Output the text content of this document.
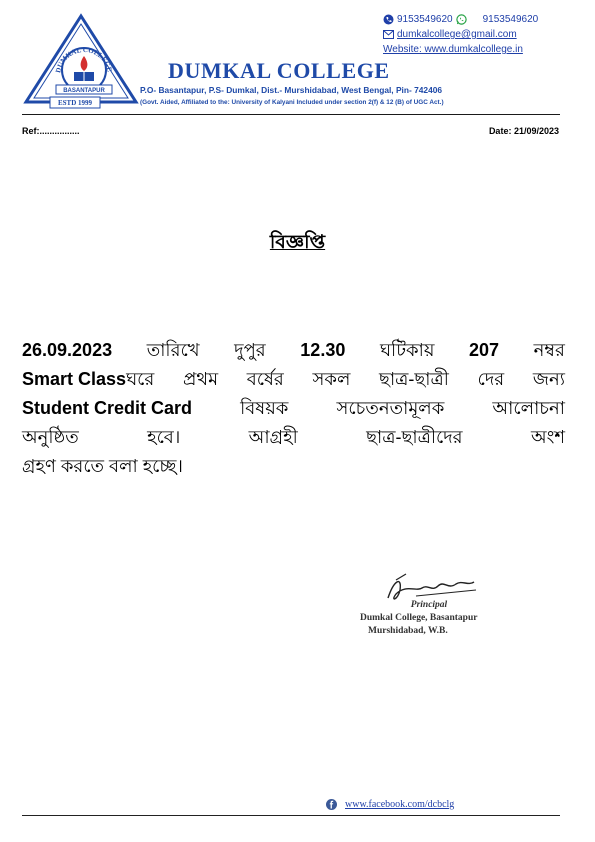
DUMKAL COLLEGE
BASANTAPUR
ESTD 1999
9153549620	9153549620
dumkalcollege@gmail.com
Website: www.dumkalcollege.in
DUMKAL COLLEGE
P.O- Basantapur, P.S- Dumkal, Dist.- Murshidabad, West Bengal, Pin- 742406
(Govt. Aided, Affiliated to the: University of Kalyani Included under section 2(f) & 12 (B) of UGC Act.)
Ref:................	Date: 21/09/2023
বিজ্ঞপ্তি
26.09.2023 তারিখে দুপুর 12.30 ঘটিকায় 207 নম্বর
Smart Classঘরে প্রথম বর্ষের সকল ছাত্র-ছাত্রী দের জন্য
Student Credit Card	বিষয়ক	সচেতনতামূলক	আলোচনা
অনুষ্ঠিত	হবে।	আগ্রহী	ছাত্র-ছাত্রীদের	অংশ
গ্রহণ করতে বলা হচ্ছে।
Principal
Dumkal College, Basantapur
Murshidabad, W.B.
www.facebook.com/dcbclg
